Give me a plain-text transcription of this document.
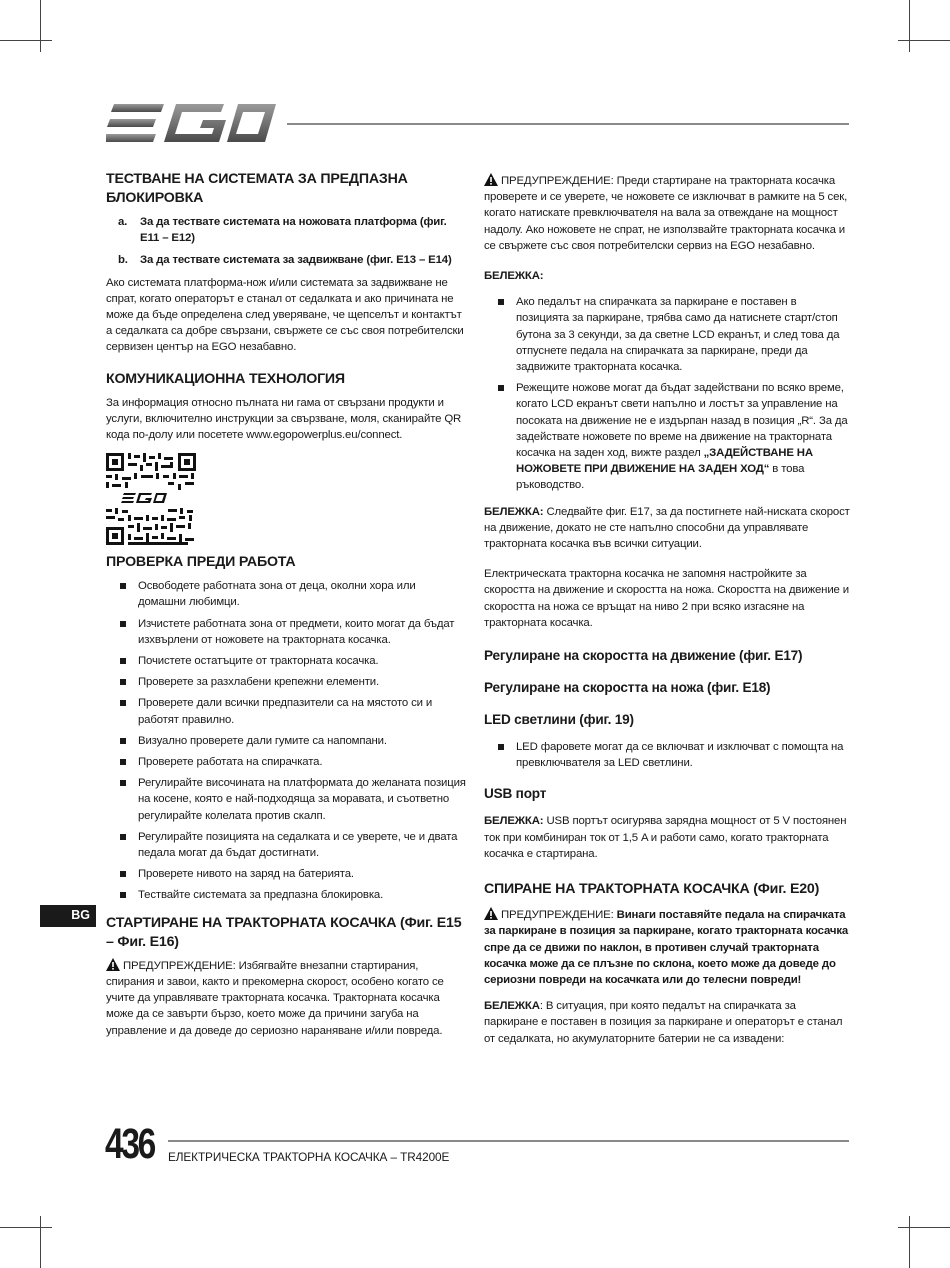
ТЕСТВАНЕ НА СИСТЕМАТА ЗА ПРЕДПАЗНА БЛОКИРОВКА
a.	За да тествате системата на ножовата платформа (фиг. E11 – E12)
b.	За да тествате системата за задвижване (фиг. E13 – E14)

Ако системата платформа-нож и/или системата за задвижване не спрат, когато операторът е станал от седалката и ако причината не може да бъде определена след уверяване, че щепселът и контактът а седалката са добре свързани, свържете се със своя потребителски сервизен център на EGO незабавно.

КОМУНИКАЦИОННА ТЕХНОЛОГИЯ

За информация относно пълната ни гама от свързани продукти и услуги, включително инструкции за свързване, моля, сканирайте QR кода по-долу или посетете www.egopowerplus.eu/connect.

ПРОВЕРКА ПРЕДИ РАБОТА
Освободете работната зона от деца, околни хора или домашни любимци.
Изчистете работната зона от предмети, които могат да бъдат изхвърлени от ножовете на тракторната косачка.
Почистете остатъците от тракторната косачка.
Проверете за разхлабени крепежни елементи.
Проверете дали всички предпазители са на мястото си и работят правилно.
Визуално проверете дали гумите са напомпани.
Проверете работата на спирачката.
Регулирайте височината на платформата до желаната позиция на косене, която е най-подходяща за моравата, и съответно регулирайте колелата против скалп.
Регулирайте позицията на седалката и се уверете, че и двата педала могат да бъдат достигнати.
Проверете нивото на заряд на батерията.
Тествайте системата за предпазна блокировка.
СТАРТИРАНЕ НА ТРАКТОРНАТА КОСАЧКА (Фиг. E15 – Фиг. E16)

ПРЕДУПРЕЖДЕНИЕ: Избягвайте внезапни стартирания, спирания и завои, както и прекомерна скорост, особено когато се учите да управлявате тракторната косачка. Тракторната косачка може да се завърти бързо, което може да причини загуба на управление и да доведе до сериозно нараняване и/или повреда.

ПРЕДУПРЕЖДЕНИЕ: Преди стартиране на тракторната косачка проверете и се уверете, че ножовете се изключват в рамките на 5 сек, когато натискате превключвателя на вала за отвеждане на мощност надолу. Ако ножовете не спрат, не използвайте тракторната косачка и се свържете със своя потребителски сервиз на EGO незабавно.

БЕЛЕЖКА:

Ако педалът на спирачката за паркиране е поставен в позицията за паркиране, трябва само да натиснете старт/стоп бутона за 3 секунди, за да светне LCD екранът, и след това да отпуснете педала на спирачката за паркиране, преди да задвижите тракторната косачка.
Режещите ножове могат да бъдат задействани по всяко време, когато LCD екранът свети напълно и лостът за управление на посоката на движение не е издърпан назад в позиция „R“. За да задействате ножовете по време на движение на тракторната косачка на заден ход, вижте раздел „ЗАДЕЙСТВАНЕ НА НОЖОВЕТЕ ПРИ ДВИЖЕНИЕ НА ЗАДЕН ХОД“ в това ръководство.

БЕЛЕЖКА: Следвайте фиг. E17, за да постигнете най-ниската скорост на движение, докато не сте напълно способни да управлявате тракторната косачка във всички ситуации.

Електрическата тракторна косачка не запомня настройките за скоростта на движение и скоростта на ножа. Скоростта на движение и скоростта на ножа се връщат на ниво 2 при всяко изгасяне на тракторната косачка.

Регулиране на скоростта на движение (фиг. E17)
Регулиране на скоростта на ножа (фиг. E18)
LED светлини (фиг. 19)
LED фаровете могат да се включват и изключват с помощта на превключвателя за LED светлини.
USB порт

БЕЛЕЖКА: USB портът осигурява зарядна мощност от 5 V постоянен ток при комбиниран ток от 1,5 A и работи само, когато тракторната косачка е стартирана.

СПИРАНЕ НА ТРАКТОРНАТА КОСАЧКА (Фиг. E20)

ПРЕДУПРЕЖДЕНИЕ: Винаги поставяйте педала на спирачката за паркиране в позиция за паркиране, когато тракторната косачка спре да се движи по наклон, в противен случай тракторната косачка може да се плъзне по склона, което може да доведе до сериозни повреди на косачката или до телесни повреди!

БЕЛЕЖКА: В ситуация, при която педалът на спирачката за паркиране е поставен в позиция за паркиране и операторът е станал от седалката, но акумулаторните батерии не са извадени:

BG
436 ЕЛЕКТРИЧЕСКА ТРАКТОРНА КОСАЧКА – TR4200E
